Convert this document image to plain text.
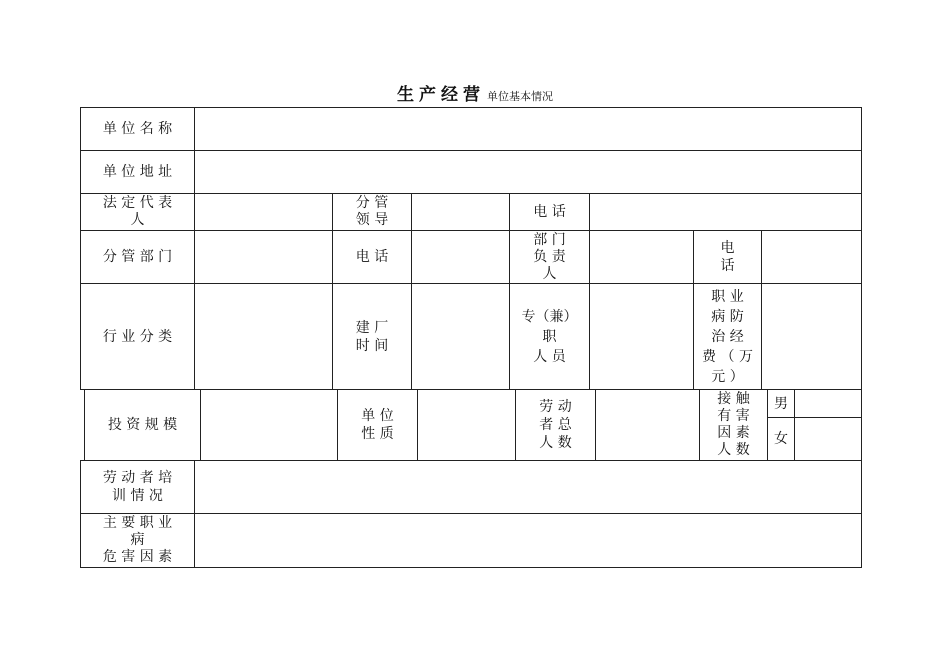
生产经营 单位基本情况
单 位 名 称
单 位 地 址
法 定 代 表
人
分 管
领 导	电 话
分 管 部 门	电 话
部 门
负 责
人
电
话
行 业 分 类
建 厂
时 间
专（兼）
职
人 员
职 业
病 防
治 经
费 （ 万
元 ）
投 资 规 模
单 位
性 质
劳 动
者 总
人 数
接 触
有 害
因 素
人 数
男
女
劳 动 者 培
训 情 况
主 要 职 业
病
危 害 因 素
